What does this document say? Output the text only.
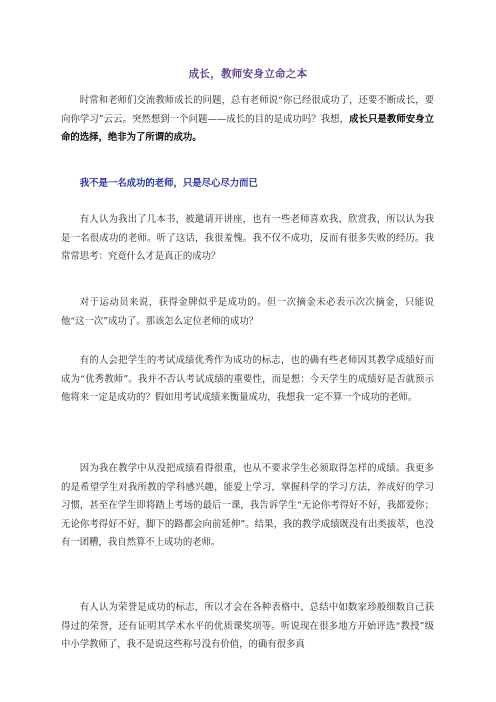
成长，教师安身立命之本

时常和老师们交流教师成长的问题，总有老师说“你已经很成功了，还要不断成长，要向你学习”云云。突然想到一个问题——成长的目的是成功吗？我想，成长只是教师安身立命的选择，绝非为了所谓的成功。

我不是一名成功的老师，只是尽心尽力而已

有人认为我出了几本书，被邀请开讲座，也有一些老师喜欢我、欣赏我，所以认为我是一名很成功的老师。听了这话，我很羞愧。我不仅不成功，反而有很多失败的经历。我常常思考：究竟什么才是真正的成功？

对于运动员来说，获得金牌似乎是成功的。但一次摘金未必表示次次摘金，只能说他“这一次”成功了。那该怎么定位老师的成功？

有的人会把学生的考试成绩优秀作为成功的标志，也的确有些老师因其教学成绩好而成为“优秀教师”。我并不否认考试成绩的重要性，而是想：今天学生的成绩好是否就预示他将来一定是成功的？假如用考试成绩来衡量成功，我想我一定不算一个成功的老师。

因为我在教学中从没把成绩看得很重，也从不要求学生必须取得怎样的成绩。我更多的是希望学生对我所教的学科感兴趣，能爱上学习，掌握科学的学习方法，养成好的学习习惯，甚至在学生即将踏上考场的最后一课，我告诉学生“无论你考得好不好，我都爱你；无论你考得好不好，脚下的路都会向前延伸”。结果，我的教学成绩既没有出类拔萃，也没有一团糟，我自然算不上成功的老师。

有人认为荣誉是成功的标志，所以才会在各种表格中、总结中如数家珍般细数自己获得过的荣誉，还有证明其学术水平的优质课奖项等。听说现在很多地方开始评选“教授”级中小学教师了，我不是说这些称号没有价值，的确有很多真
